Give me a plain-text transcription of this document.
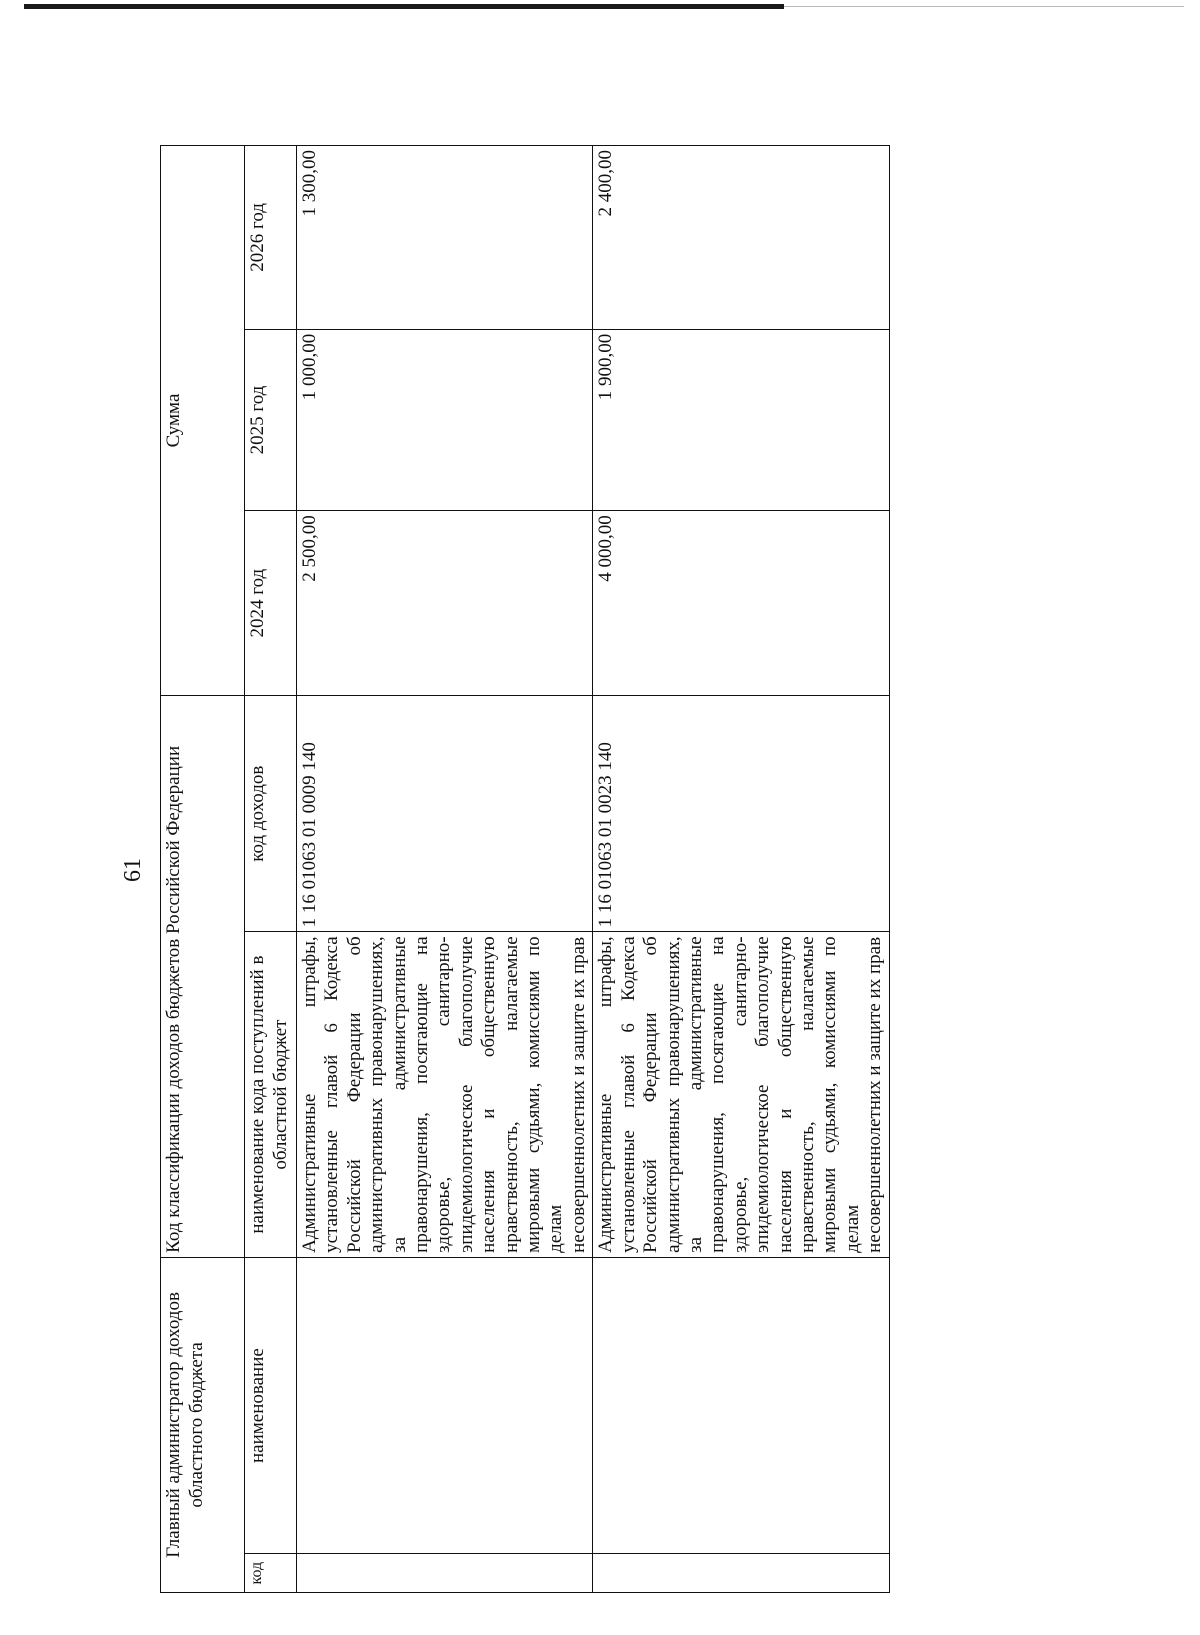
61
Главный администратор доходов областного бюджета		Код классификации доходов бюджетов Российской Федерации		Сумма		
код	наименование	наименование кода поступлений в областной бюджет	код доходов	2024 год	2025 год	2026 год
		Административные штрафы, установленные главой 6 Кодекса Российской Федерации об административных правонарушениях, за административные правонарушения, посягающие на здоровье, санитарно-эпидемиологическое благополучие населения и общественную нравственность, налагаемые мировыми судьями, комиссиями по делам несовершеннолетних и защите их прав	1 16 01063 01 0009 140	2 500,00	1 000,00	1 300,00
		Административные штрафы, установленные главой 6 Кодекса Российской Федерации об административных правонарушениях, за административные правонарушения, посягающие на здоровье, санитарно-эпидемиологическое благополучие населения и общественную нравственность, налагаемые мировыми судьями, комиссиями по делам несовершеннолетних и защите их прав	1 16 01063 01 0023 140	4 000,00	1 900,00	2 400,00
